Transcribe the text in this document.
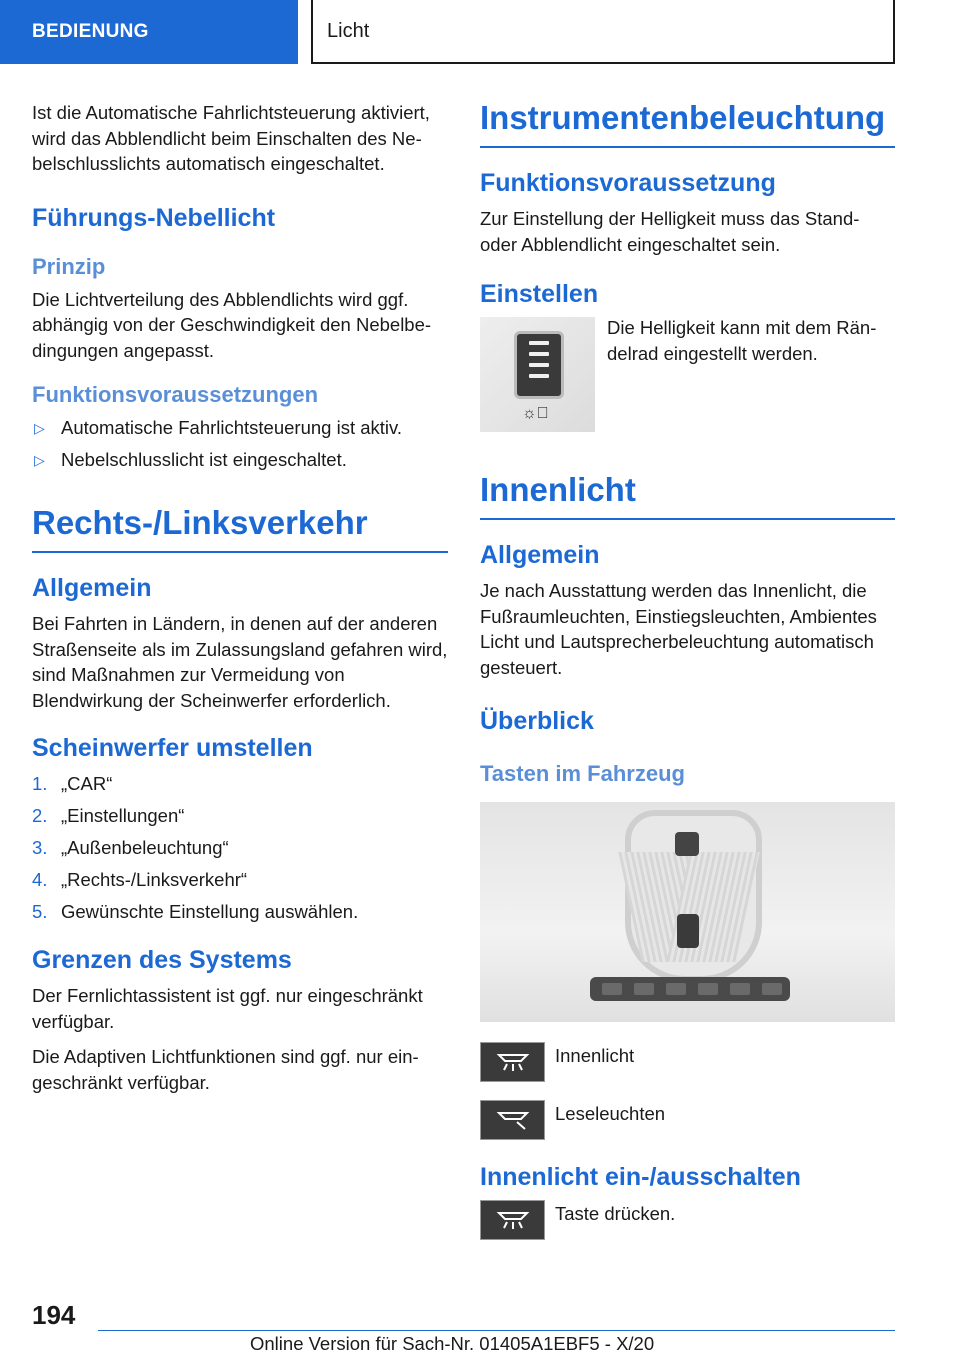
BEDIENUNG	Licht

Ist die Automatische Fahrlichtsteuerung aktiviert, wird das Abblendlicht beim Einschalten des Nebelschlusslichts automatisch eingeschaltet.

Führungs-Nebellicht
Prinzip

Die Lichtverteilung des Abblendlichts wird ggf. abhängig von der Geschwindigkeit den Nebelbedingungen angepasst.

Funktionsvoraussetzungen
▷ Automatische Fahrlichtsteuerung ist aktiv.
▷ Nebelschlusslicht ist eingeschaltet.
Rechts-/Linksverkehr
Allgemein

Bei Fahrten in Ländern, in denen auf der anderen Straßenseite als im Zulassungsland gefahren wird, sind Maßnahmen zur Vermeidung von Blendwirkung der Scheinwerfer erforderlich.

Scheinwerfer umstellen
1. „CAR“
2. „Einstellungen“
3. „Außenbeleuchtung“
4. „Rechts-/Linksverkehr“
5. Gewünschte Einstellung auswählen.
Grenzen des Systems

Der Fernlichtassistent ist ggf. nur eingeschränkt verfügbar.

Die Adaptiven Lichtfunktionen sind ggf. nur eingeschränkt verfügbar.

Instrumentenbeleuchtung
Funktionsvoraussetzung

Zur Einstellung der Helligkeit muss das Stand- oder Abblendlicht eingeschaltet sein.

Einstellen
☼⃝

Die Helligkeit kann mit dem Rändelrad eingestellt werden.

Innenlicht
Allgemein

Je nach Ausstattung werden das Innenlicht, die Fußraumleuchten, Einstiegsleuchten, Ambientes Licht und Lautsprecherbeleuchtung automatisch gesteuert.

Überblick
Tasten im Fahrzeug
Innenlicht
Leseleuchten
Innenlicht ein-/ausschalten
Taste drücken.
194
Online Version für Sach-Nr. 01405A1EBF5 - X/20
